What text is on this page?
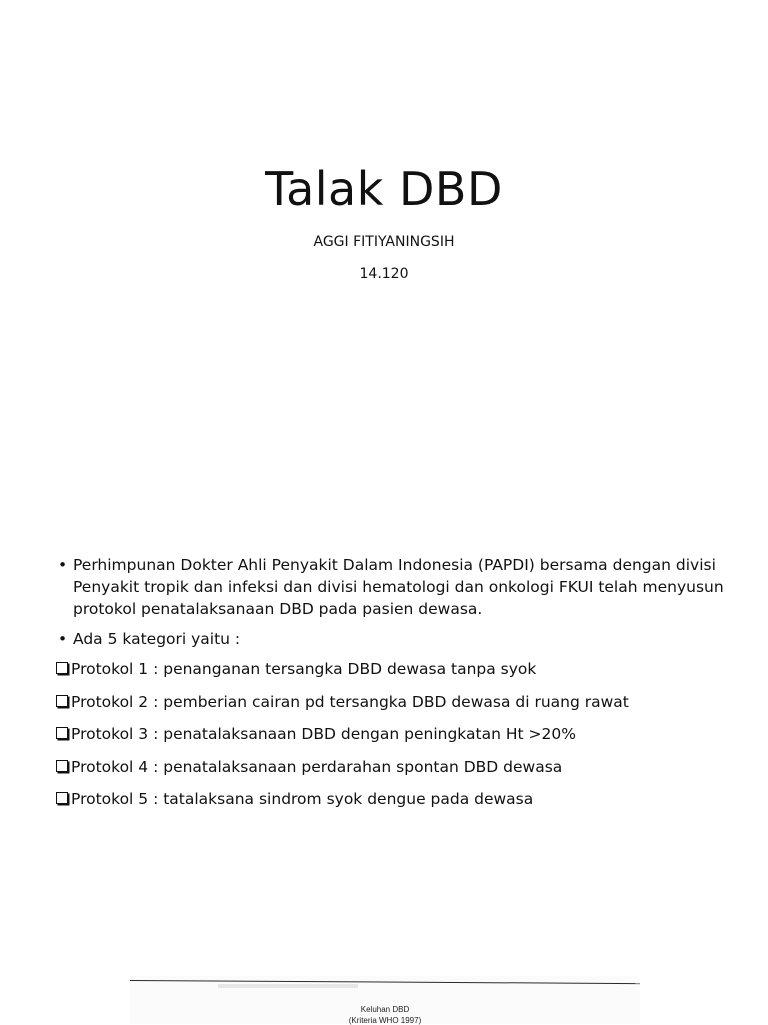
Talak DBD

AGGI FITIYANINGSIH

14.120

• Perhimpunan Dokter Ahli Penyakit Dalam Indonesia (PAPDI) bersama dengan divisi Penyakit tropik dan infeksi dan divisi hematologi dan onkologi FKUI telah menyusun protokol penatalaksanaan DBD pada pasien dewasa.
• Ada 5 kategori yaitu :
Protokol 1 : penanganan tersangka DBD dewasa tanpa syok
Protokol 2 : pemberian cairan pd tersangka DBD dewasa di ruang rawat
Protokol 3 : penatalaksanaan DBD dengan peningkatan Ht >20%
Protokol 4 : penatalaksanaan perdarahan spontan DBD dewasa
Protokol 5 : tatalaksana sindrom syok dengue pada dewasa
Keluhan DBD
(Kriteria WHO 1997)
